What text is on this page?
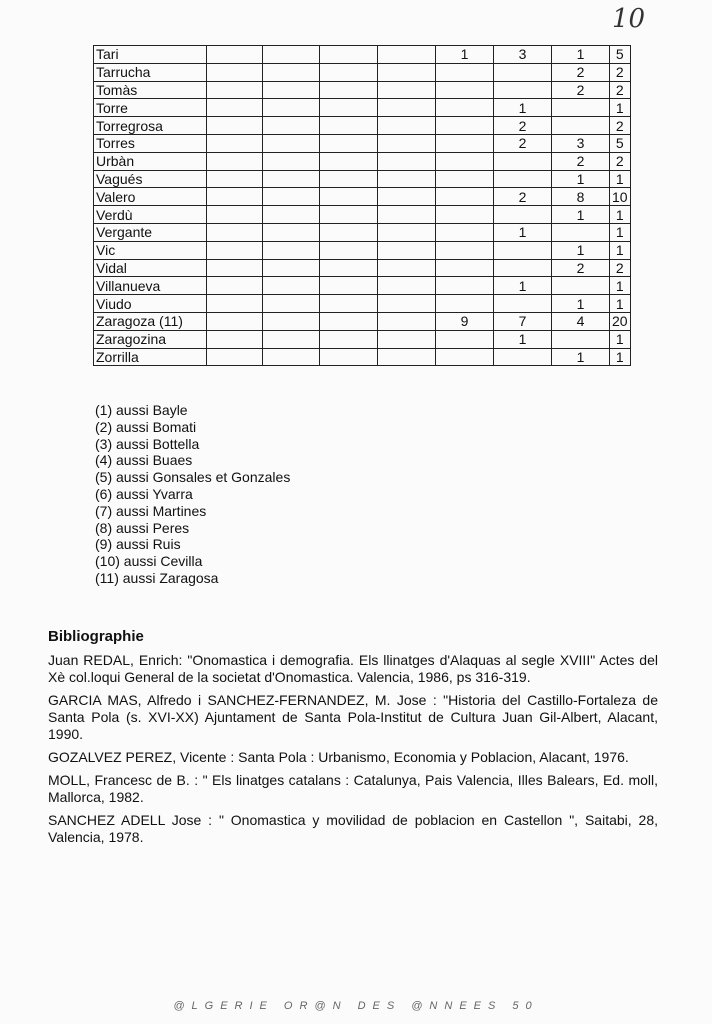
10
Tari					1	3	1	5
Tarrucha							2	2
Tomàs							2	2
Torre						1		1
Torregrosa						2		2
Torres						2	3	5
Urbàn							2	2
Vagués							1	1
Valero						2	8	10
Verdù							1	1
Vergante						1		1
Vic							1	1
Vidal							2	2
Villanueva						1		1
Viudo							1	1
Zaragoza (11)					9	7	4	20
Zaragozina						1		1
Zorrilla							1	1
(1) aussi Bayle
(2) aussi Bomati
(3) aussi Bottella
(4) aussi Buaes
(5) aussi Gonsales et Gonzales
(6) aussi Yvarra
(7) aussi Martines
(8) aussi Peres
(9) aussi Ruis
(10) aussi Cevilla
(11) aussi Zaragosa
Bibliographie

Juan REDAL, Enrich: "Onomastica i demografia. Els llinatges d'Alaquas al segle XVIII" Actes del Xè col.loqui General de la societat d'Onomastica. Valencia, 1986, ps 316-319.

GARCIA MAS, Alfredo i SANCHEZ-FERNANDEZ, M. Jose : "Historia del Castillo-Fortaleza de Santa Pola (s. XVI-XX) Ajuntament de Santa Pola-Institut de Cultura Juan Gil-Albert, Alacant, 1990.

GOZALVEZ PEREZ, Vicente : Santa Pola : Urbanismo, Economia y Poblacion, Alacant, 1976.

MOLL, Francesc de B. : " Els linatges catalans : Catalunya, Pais Valencia, Illes Balears, Ed. moll, Mallorca, 1982.

SANCHEZ ADELL Jose : " Onomastica y movilidad de poblacion en Castellon ", Saitabi, 28, Valencia, 1978.

@LGERIE OR@N DES @NNEES 50
